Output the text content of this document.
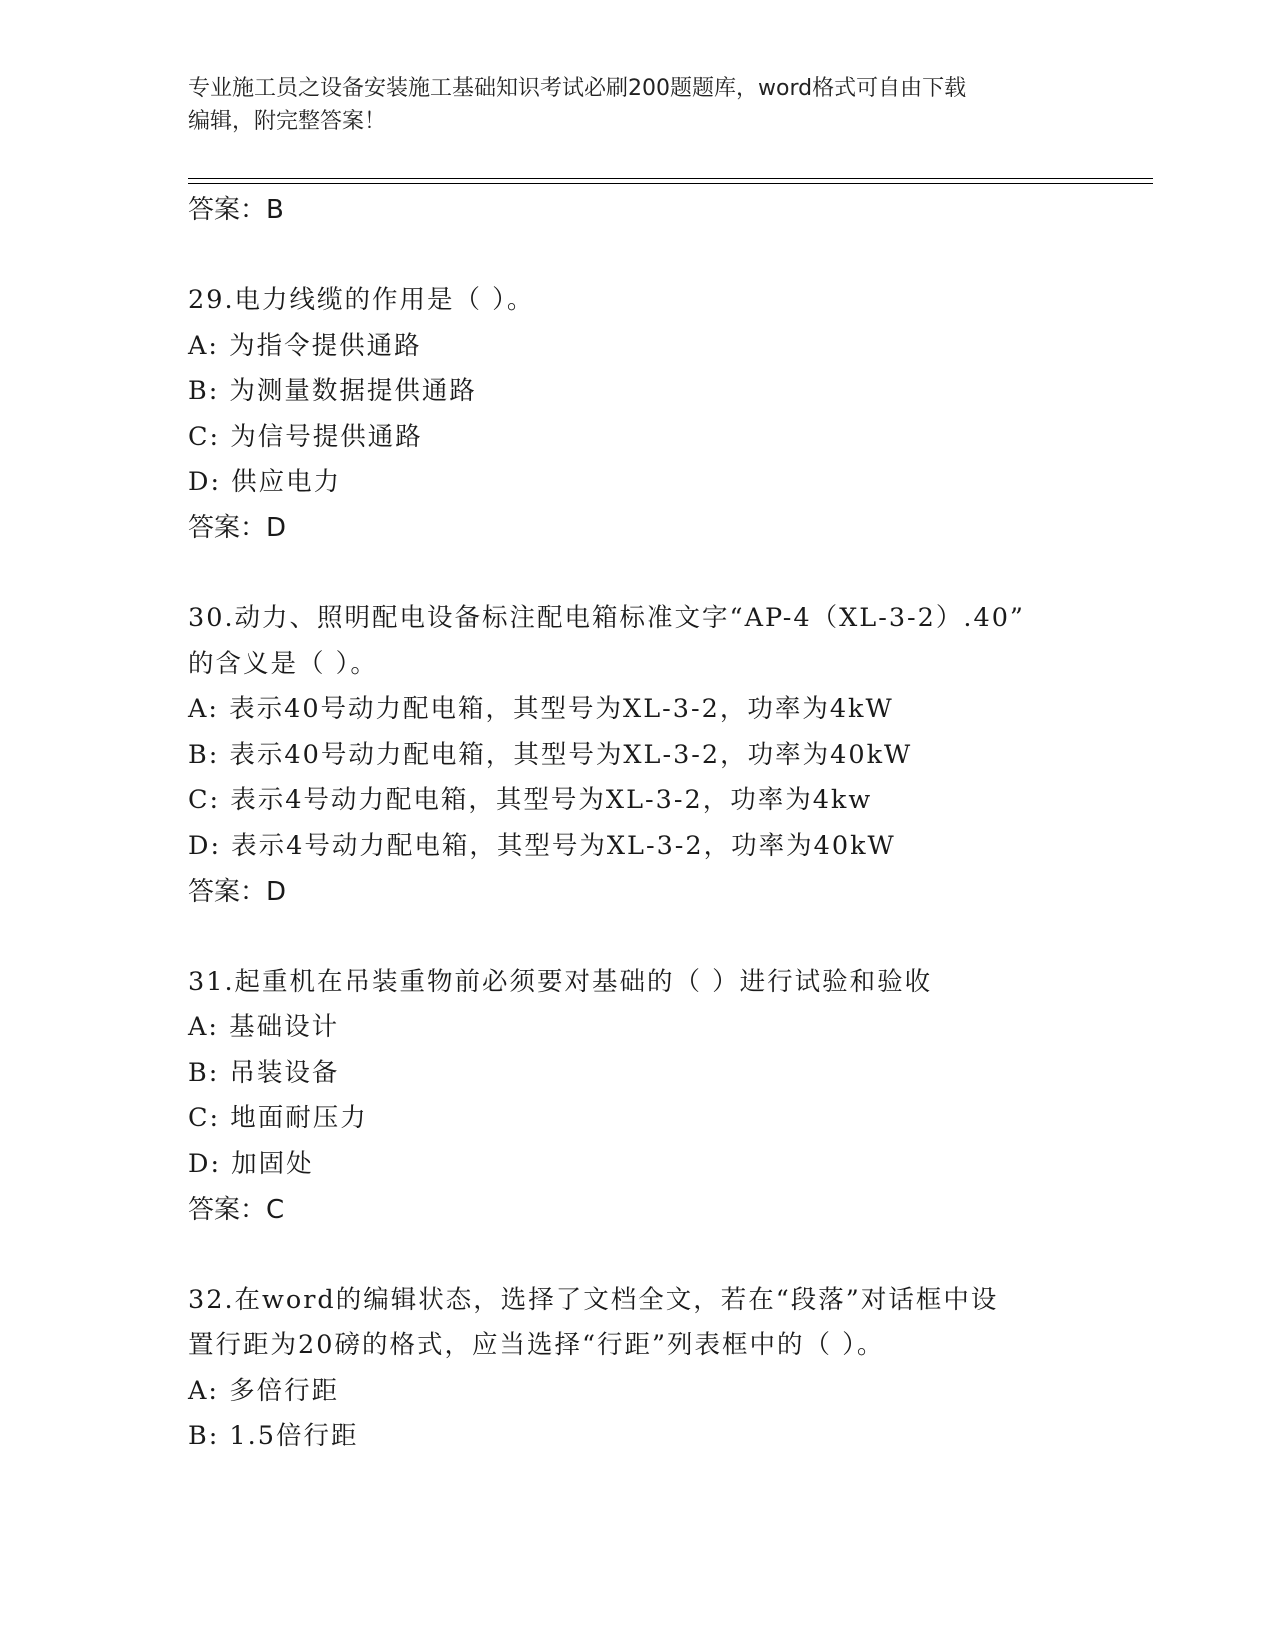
专业施工员之设备安装施工基础知识考试必刷200题题库，word格式可自由下载
编辑，附完整答案！
答案：B
29.电力线缆的作用是（ ）。
A: 为指令提供通路
B: 为测量数据提供通路
C: 为信号提供通路
D: 供应电力
答案：D
30.动力、照明配电设备标注配电箱标准文字“AP-4（XL-3-2）.40”
的含义是（ ）。
A: 表示40号动力配电箱，其型号为XL-3-2，功率为4kW
B: 表示40号动力配电箱，其型号为XL-3-2，功率为40kW
C: 表示4号动力配电箱，其型号为XL-3-2，功率为4kw
D: 表示4号动力配电箱，其型号为XL-3-2，功率为40kW
答案：D
31.起重机在吊装重物前必须要对基础的（ ）进行试验和验收
A: 基础设计
B: 吊装设备
C: 地面耐压力
D: 加固处
答案：C
32.在word的编辑状态，选择了文档全文，若在“段落”对话框中设
置行距为20磅的格式，应当选择“行距”列表框中的（ ）。
A: 多倍行距
B: 1.5倍行距
